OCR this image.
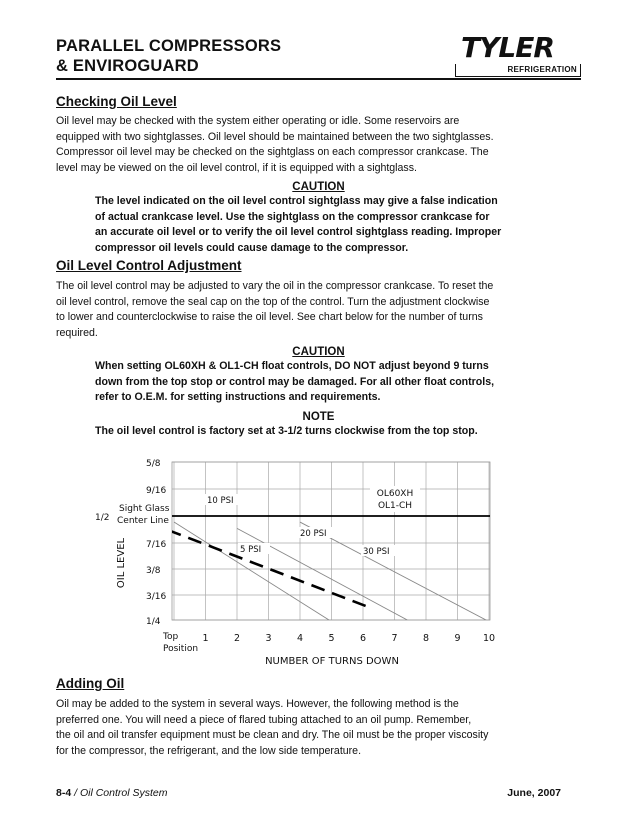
PARALLEL COMPRESSORS
& ENVIROGUARD
TYLER
REFRIGERATION
Checking Oil Level
Oil level may be checked with the system either operating or idle. Some reservoirs are
equipped with two sightglasses. Oil level should be maintained between the two sightglasses.
Compressor oil level may be checked on the sightglass on each compressor crankcase. The
level may be viewed on the oil level control, if it is equipped with a sightglass.
CAUTION
The level indicated on the oil level control sightglass may give a false indication
of actual crankcase level. Use the sightglass on the compressor crankcase for
an accurate oil level or to verify the oil level control sightglass reading. Improper
compressor oil levels could cause damage to the compressor.
Oil Level Control Adjustment
The oil level control may be adjusted to vary the oil in the compressor crankcase. To reset the
oil level control, remove the seal cap on the top of the control. Turn the adjustment clockwise
to lower and counterclockwise to raise the oil level. See chart below for the number of turns
required.
CAUTION
When setting OL60XH & OL1-CH float controls, DO NOT adjust beyond 9 turns
down from the top stop or control may be damaged. For all other float controls,
refer to O.E.M. for setting instructions and requirements.
NOTE
The oil level control is factory set at 3-1/2 turns clockwise from the top stop.
10 PSI
20 PSI
30 PSI
5 PSI
OL60XH
OL1-CH
5/8
9/16
7/16
3/8
3/16
1/4
1/2
Sight Glass
Center Line
OIL LEVEL
Top
Position
1	2	3	4	5	6	7	8	9 10
NUMBER OF TURNS DOWN
Adding Oil
Oil may be added to the system in several ways. However, the following method is the
preferred one. You will need a piece of flared tubing attached to an oil pump. Remember,
the oil and oil transfer equipment must be clean and dry. The oil must be the proper viscosity
for the compressor, the refrigerant, and the low side temperature.
8-4 / Oil Control System	June, 2007
